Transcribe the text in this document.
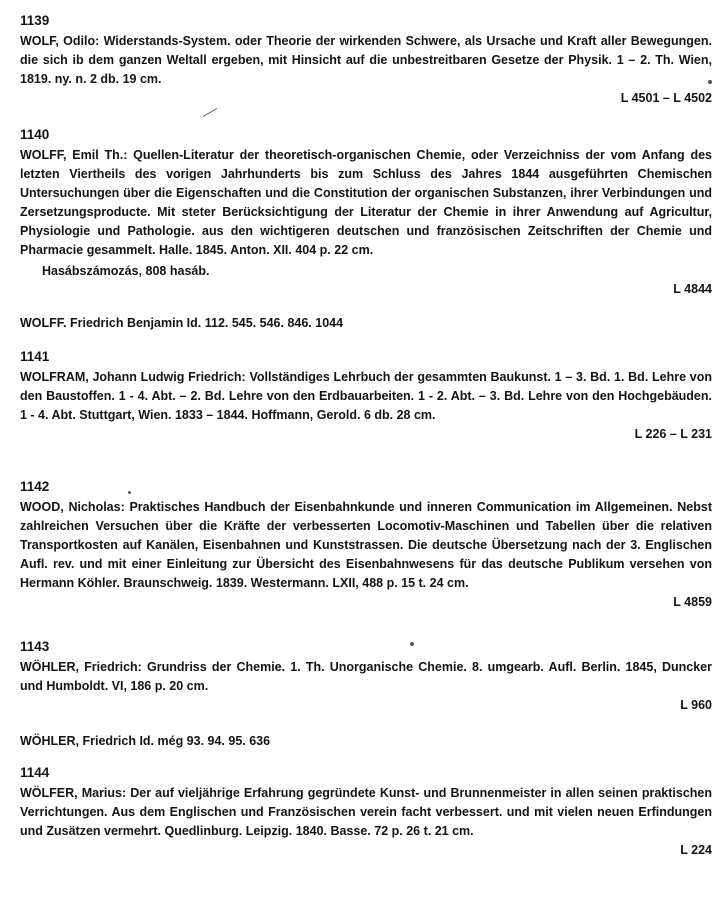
1139
WOLF, Odilo: Widerstands-System. oder Theorie der wirkenden Schwere, als Ursache und Kraft aller Bewegungen. die sich ib dem ganzen Weltall ergeben, mit Hinsicht auf die unbestreitbaren Gesetze der Physik. 1 – 2. Th. Wien, 1819. ny. n. 2 db. 19 cm.
L 4501 – L 4502
1140
WOLFF, Emil Th.: Quellen-Literatur der theoretisch-organischen Chemie, oder Verzeichniss der vom Anfang des letzten Viertheils des vorigen Jahrhunderts bis zum Schluss des Jahres 1844 ausgeführten Chemischen Untersuchungen über die Eigenschaften und die Constitution der organischen Substanzen, ihrer Verbindungen und Zersetzungsproducte. Mit steter Berücksichtigung der Literatur der Chemie in ihrer Anwendung auf Agricultur, Physiologie und Pathologie. aus den wichtigeren deutschen und französischen Zeitschriften der Chemie und Pharmacie gesammelt. Halle. 1845. Anton. XII. 404 p. 22 cm.
Hasábszámozás, 808 hasáb.
L 4844
WOLFF. Friedrich Benjamin Id. 112. 545. 546. 846. 1044
1141
WOLFRAM, Johann Ludwig Friedrich: Vollständiges Lehrbuch der gesammten Baukunst. 1 – 3. Bd. 1. Bd. Lehre von den Baustoffen. 1 - 4. Abt. – 2. Bd. Lehre von den Erdbauarbeiten. 1 - 2. Abt. – 3. Bd. Lehre von den Hochgebäuden. 1 - 4. Abt. Stuttgart, Wien. 1833 – 1844. Hoffmann, Gerold. 6 db. 28 cm.
L 226 – L 231
1142
WOOD, Nicholas: Praktisches Handbuch der Eisenbahnkunde und inneren Communication im Allgemeinen. Nebst zahlreichen Versuchen über die Kräfte der verbesserten Locomotiv-Maschinen und Tabellen über die relativen Transportkosten auf Kanälen, Eisenbahnen und Kunststrassen. Die deutsche Übersetzung nach der 3. Englischen Aufl. rev. und mit einer Einleitung zur Übersicht des Eisenbahnwesens für das deutsche Publikum versehen von Hermann Köhler. Braunschweig. 1839. Westermann. LXII, 488 p. 15 t. 24 cm.
L 4859
1143
WÖHLER, Friedrich: Grundriss der Chemie. 1. Th. Unorganische Chemie. 8. umgearb. Aufl. Berlin. 1845, Duncker und Humboldt. VI, 186 p. 20 cm.
L 960
WÖHLER, Friedrich Id. még 93. 94. 95. 636
1144
WÖLFER, Marius: Der auf vieljährige Erfahrung gegründete Kunst- und Brunnenmeister in allen seinen praktischen Verrichtungen. Aus dem Englischen und Französischen verein facht verbessert. und mit vielen neuen Erfindungen und Zusätzen vermehrt. Quedlinburg. Leipzig. 1840. Basse. 72 p. 26 t. 21 cm.
L 224
